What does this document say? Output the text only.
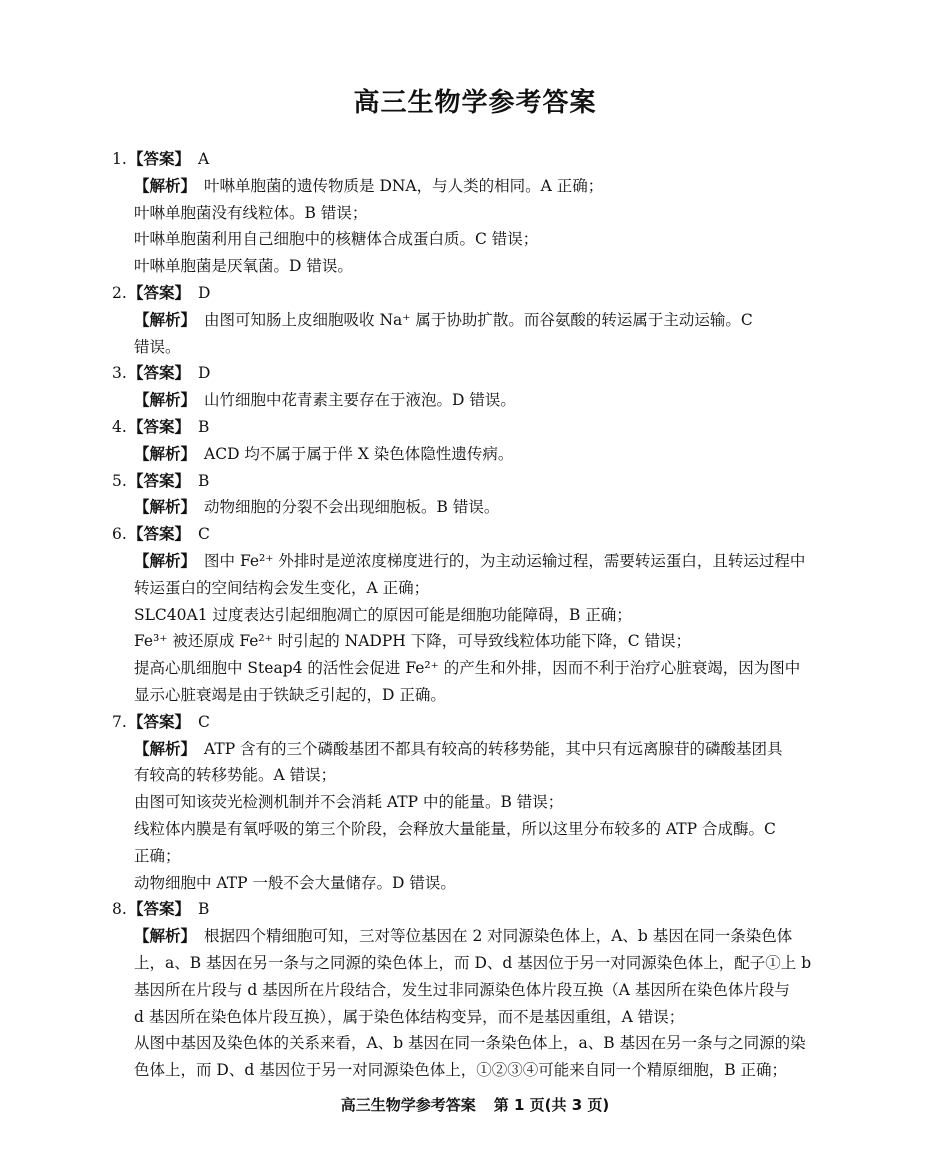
高三生物学参考答案
1.【答案】 A
【解析】 叶啉单胞菌的遗传物质是 DNA，与人类的相同。A 正确；
叶啉单胞菌没有线粒体。B 错误；
叶啉单胞菌利用自己细胞中的核糖体合成蛋白质。C 错误；
叶啉单胞菌是厌氧菌。D 错误。
2.【答案】 D
【解析】 由图可知肠上皮细胞吸收 Na⁺ 属于协助扩散。而谷氨酸的转运属于主动运输。C
错误。
3.【答案】 D
【解析】 山竹细胞中花青素主要存在于液泡。D 错误。
4.【答案】 B
【解析】 ACD 均不属于属于伴 X 染色体隐性遗传病。
5.【答案】 B
【解析】 动物细胞的分裂不会出现细胞板。B 错误。
6.【答案】 C
【解析】 图中 Fe²⁺ 外排时是逆浓度梯度进行的，为主动运输过程，需要转运蛋白，且转运过程中
转运蛋白的空间结构会发生变化，A 正确；
SLC40A1 过度表达引起细胞凋亡的原因可能是细胞功能障碍，B 正确；
Fe³⁺ 被还原成 Fe²⁺ 时引起的 NADPH 下降，可导致线粒体功能下降，C 错误；
提高心肌细胞中 Steap4 的活性会促进 Fe²⁺ 的产生和外排，因而不利于治疗心脏衰竭，因为图中
显示心脏衰竭是由于铁缺乏引起的，D 正确。
7.【答案】 C
【解析】 ATP 含有的三个磷酸基团不都具有较高的转移势能，其中只有远离腺苷的磷酸基团具
有较高的转移势能。A 错误；
由图可知该荧光检测机制并不会消耗 ATP 中的能量。B 错误；
线粒体内膜是有氧呼吸的第三个阶段，会释放大量能量，所以这里分布较多的 ATP 合成酶。C
正确；
动物细胞中 ATP 一般不会大量储存。D 错误。
8.【答案】 B
【解析】 根据四个精细胞可知，三对等位基因在 2 对同源染色体上，A、b 基因在同一条染色体
上，a、B 基因在另一条与之同源的染色体上，而 D、d 基因位于另一对同源染色体上，配子①上 b
基因所在片段与 d 基因所在片段结合，发生过非同源染色体片段互换（A 基因所在染色体片段与
d 基因所在染色体片段互换），属于染色体结构变异，而不是基因重组，A 错误；
从图中基因及染色体的关系来看，A、b 基因在同一条染色体上，a、B 基因在另一条与之同源的染
色体上，而 D、d 基因位于另一对同源染色体上，①②③④可能来自同一个精原细胞，B 正确；
高三生物学参考答案 第 1 页(共 3 页)
